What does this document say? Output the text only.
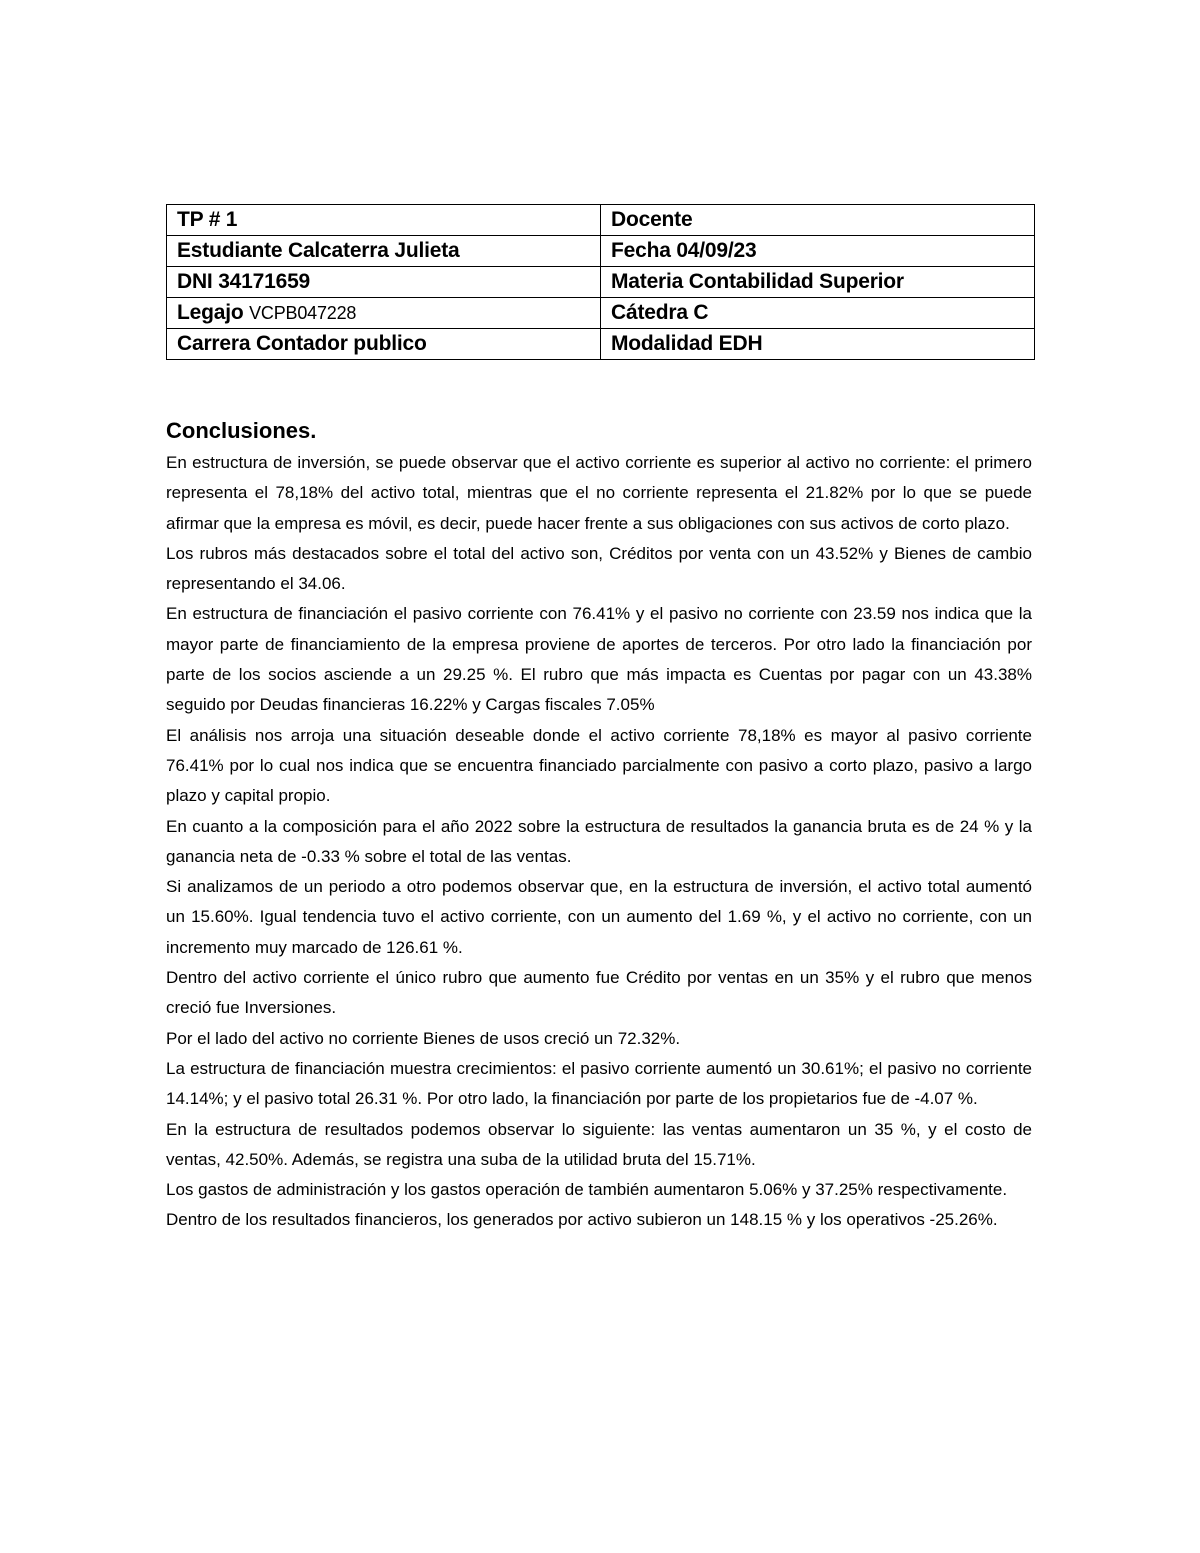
TP # 1	Docente
Estudiante Calcaterra Julieta	Fecha 04/09/23
DNI 34171659	Materia Contabilidad Superior
Legajo VCPB047228	Cátedra C
Carrera Contador publico	Modalidad EDH
Conclusiones.

En estructura de inversión, se puede observar que el activo corriente es superior al activo no corriente: el primero representa el 78,18% del activo total, mientras que el no corriente representa el 21.82% por lo que se puede afirmar que la empresa es móvil, es decir, puede hacer frente a sus obligaciones con sus activos de corto plazo.

Los rubros más destacados sobre el total del activo son, Créditos por venta con un 43.52% y Bienes de cambio representando el 34.06.

En estructura de financiación el pasivo corriente con 76.41% y el pasivo no corriente con 23.59 nos indica que la mayor parte de financiamiento de la empresa proviene de aportes de terceros. Por otro lado la financiación por parte de los socios asciende a un 29.25 %. El rubro que más impacta es Cuentas por pagar con un 43.38% seguido por Deudas financieras 16.22% y Cargas fiscales 7.05%

El análisis nos arroja una situación deseable donde el activo corriente 78,18% es mayor al pasivo corriente 76.41% por lo cual nos indica que se encuentra financiado parcialmente con pasivo a corto plazo, pasivo a largo plazo y capital propio.

En cuanto a la composición para el año 2022 sobre la estructura de resultados la ganancia bruta es de 24 % y la ganancia neta de -0.33 % sobre el total de las ventas.

Si analizamos de un periodo a otro podemos observar que, en la estructura de inversión, el activo total aumentó un 15.60%. Igual tendencia tuvo el activo corriente, con un aumento del 1.69 %, y el activo no corriente, con un incremento muy marcado de 126.61 %.

Dentro del activo corriente el único rubro que aumento fue Crédito por ventas en un 35% y el rubro que menos creció fue Inversiones.

Por el lado del activo no corriente Bienes de usos creció un 72.32%.

La estructura de financiación muestra crecimientos: el pasivo corriente aumentó un 30.61%; el pasivo no corriente 14.14%; y el pasivo total 26.31 %. Por otro lado, la financiación por parte de los propietarios fue de -4.07 %.

En la estructura de resultados podemos observar lo siguiente: las ventas aumentaron un 35 %, y el costo de ventas, 42.50%. Además, se registra una suba de la utilidad bruta del 15.71%.

Los gastos de administración y los gastos operación de también aumentaron 5.06% y 37.25% respectivamente.

Dentro de los resultados financieros, los generados por activo subieron un 148.15 % y los operativos -25.26%.
